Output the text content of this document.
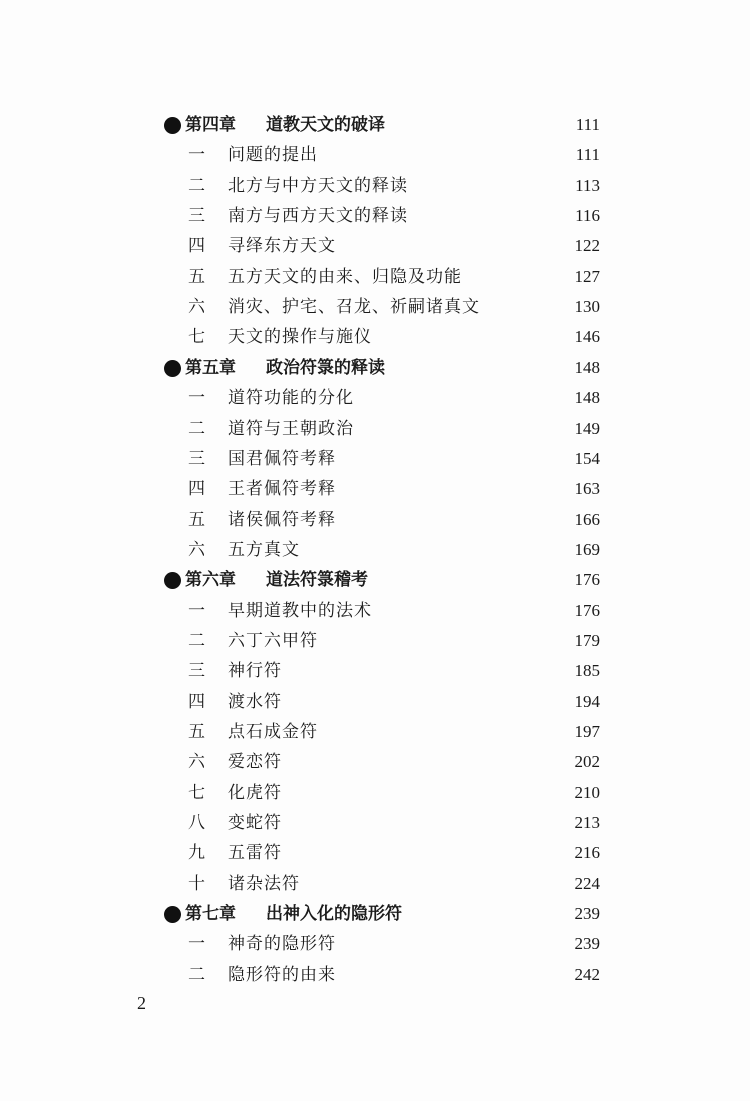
第四章 道教天文的破译	111
一 问题的提出	111
二 北方与中方天文的释读	113
三 南方与西方天文的释读	116
四 寻绎东方天文	122
五 五方天文的由来、归隐及功能	127
六 消灾、护宅、召龙、祈嗣诸真文	130
七 天文的操作与施仪	146
第五章 政治符箓的释读	148
一 道符功能的分化	148
二 道符与王朝政治	149
三 国君佩符考释	154
四 王者佩符考释	163
五 诸侯佩符考释	166
六 五方真文	169
第六章 道法符箓稽考	176
一 早期道教中的法术	176
二 六丁六甲符	179
三 神行符	185
四 渡水符	194
五 点石成金符	197
六 爱恋符	202
七 化虎符	210
八 变蛇符	213
九 五雷符	216
十 诸杂法符	224
第七章 出神入化的隐形符	239
一 神奇的隐形符	239
二 隐形符的由来	242
2
